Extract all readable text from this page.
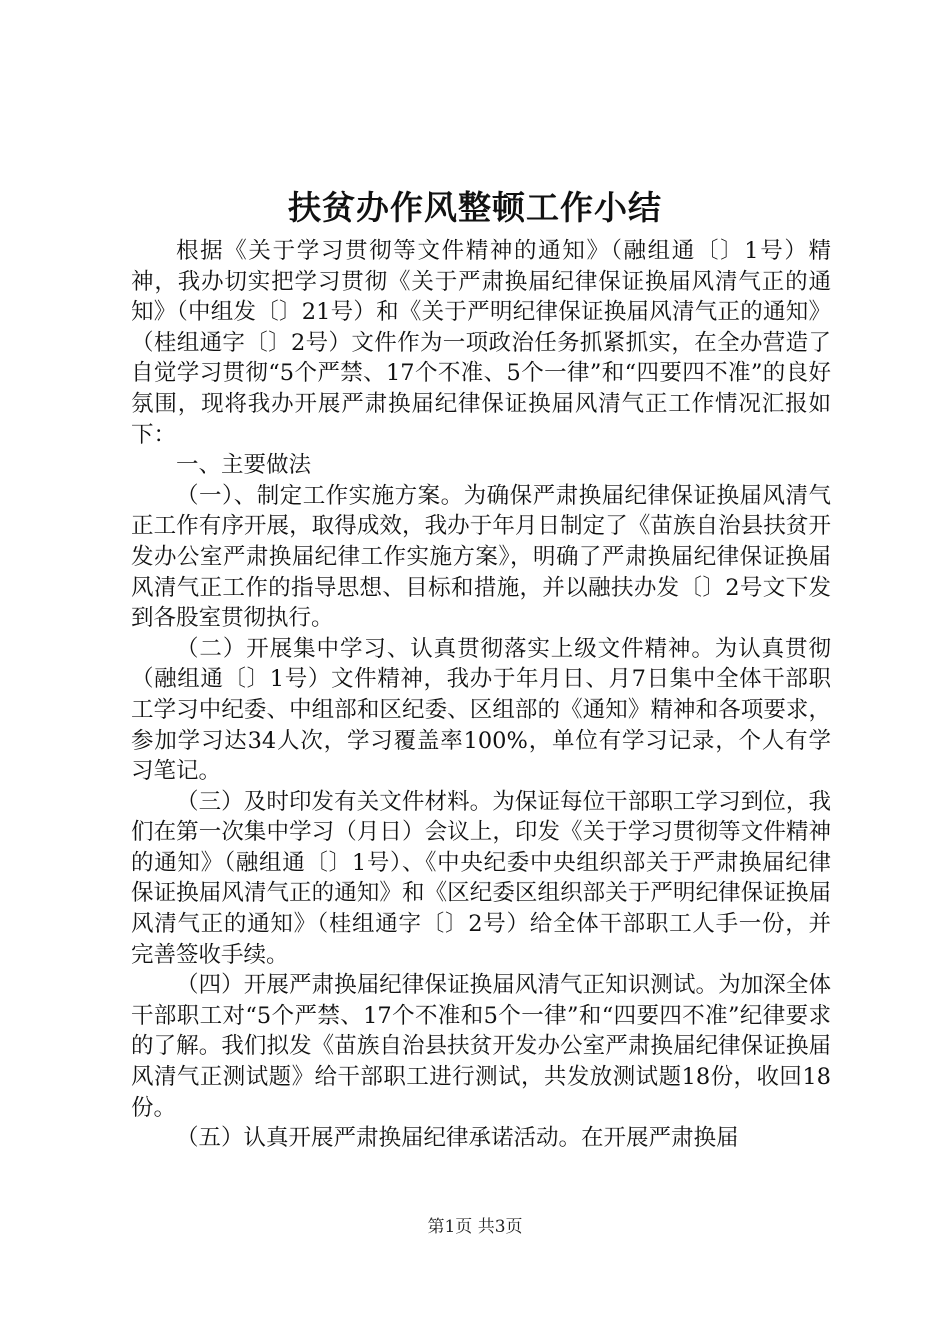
扶贫办作风整顿工作小结

根据《关于学习贯彻等文件精神的通知》（融组通〔〕1号）精神，我办切实把学习贯彻《关于严肃换届纪律保证换届风清气正的通知》（中组发〔〕21号）和《关于严明纪律保证换届风清气正的通知》（桂组通字〔〕2号）文件作为一项政治任务抓紧抓实，在全办营造了自觉学习贯彻“5个严禁、17个不准、5个一律”和“四要四不准”的良好氛围，现将我办开展严肃换届纪律保证换届风清气正工作情况汇报如下：

一、主要做法

（一）、制定工作实施方案。为确保严肃换届纪律保证换届风清气正工作有序开展，取得成效，我办于年月日制定了《苗族自治县扶贫开发办公室严肃换届纪律工作实施方案》，明确了严肃换届纪律保证换届风清气正工作的指导思想、目标和措施，并以融扶办发〔〕2号文下发到各股室贯彻执行。

（二）开展集中学习、认真贯彻落实上级文件精神。为认真贯彻（融组通〔〕1号）文件精神，我办于年月日、月7日集中全体干部职工学习中纪委、中组部和区纪委、区组部的《通知》精神和各项要求，参加学习达34人次，学习覆盖率100%，单位有学习记录，个人有学习笔记。

（三）及时印发有关文件材料。为保证每位干部职工学习到位，我们在第一次集中学习（月日）会议上，印发《关于学习贯彻等文件精神的通知》（融组通〔〕1号）、《中央纪委中央组织部关于严肃换届纪律保证换届风清气正的通知》和《区纪委区组织部关于严明纪律保证换届风清气正的通知》（桂组通字〔〕2号）给全体干部职工人手一份，并完善签收手续。

（四）开展严肃换届纪律保证换届风清气正知识测试。为加深全体干部职工对“5个严禁、17个不准和5个一律”和“四要四不准”纪律要求的了解。我们拟发《苗族自治县扶贫开发办公室严肃换届纪律保证换届风清气正测试题》给干部职工进行测试，共发放测试题18份，收回18份。

（五）认真开展严肃换届纪律承诺活动。在开展严肃换届

第1页 共3页
